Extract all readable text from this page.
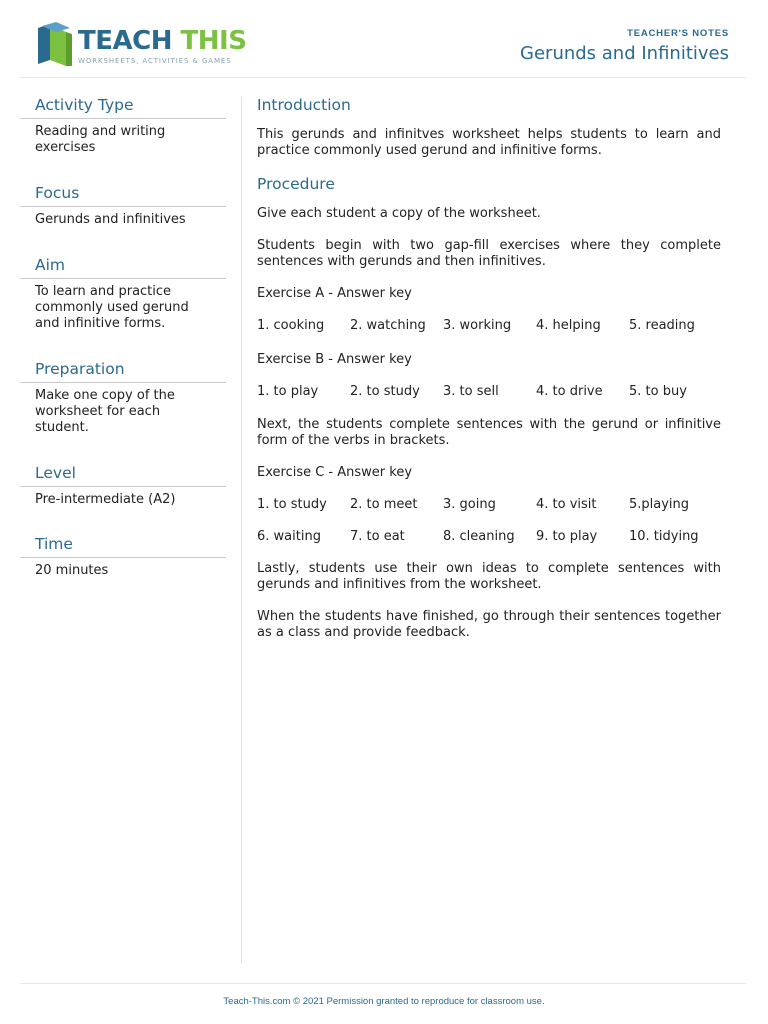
TEACH THIS
WORKSHEETS, ACTIVITIES & GAMES
TEACHER'S NOTES
Gerunds and Infinitives
Activity Type
Reading and writing exercises
Focus
Gerunds and infinitives
Aim
To learn and practice commonly used gerund and infinitive forms.
Preparation
Make one copy of the worksheet for each student.
Level
Pre-intermediate (A2)
Time
20 minutes
Introduction

This gerunds and infinitves worksheet helps students to learn and practice commonly used gerund and infinitive forms.

Procedure

Give each student a copy of the worksheet.

Students begin with two gap-fill exercises where they complete sentences with gerunds and then infinitives.

Exercise A - Answer key

1. cooking 2. watching 3. working 4. helping 5. reading

Exercise B - Answer key

1. to play 2. to study 3. to sell	4. to drive 5. to buy

Next, the students complete sentences with the gerund or infinitive form of the verbs in brackets.

Exercise C - Answer key

1. to study 2. to meet 3. going	4. to visit 5.playing
6. waiting 7. to eat	8. cleaning 9. to play 10. tidying

Lastly, students use their own ideas to complete sentences with gerunds and infinitives from the worksheet.

When the students have finished, go through their sentences together as a class and provide feedback.

Teach-This.com © 2021 Permission granted to reproduce for classroom use.
